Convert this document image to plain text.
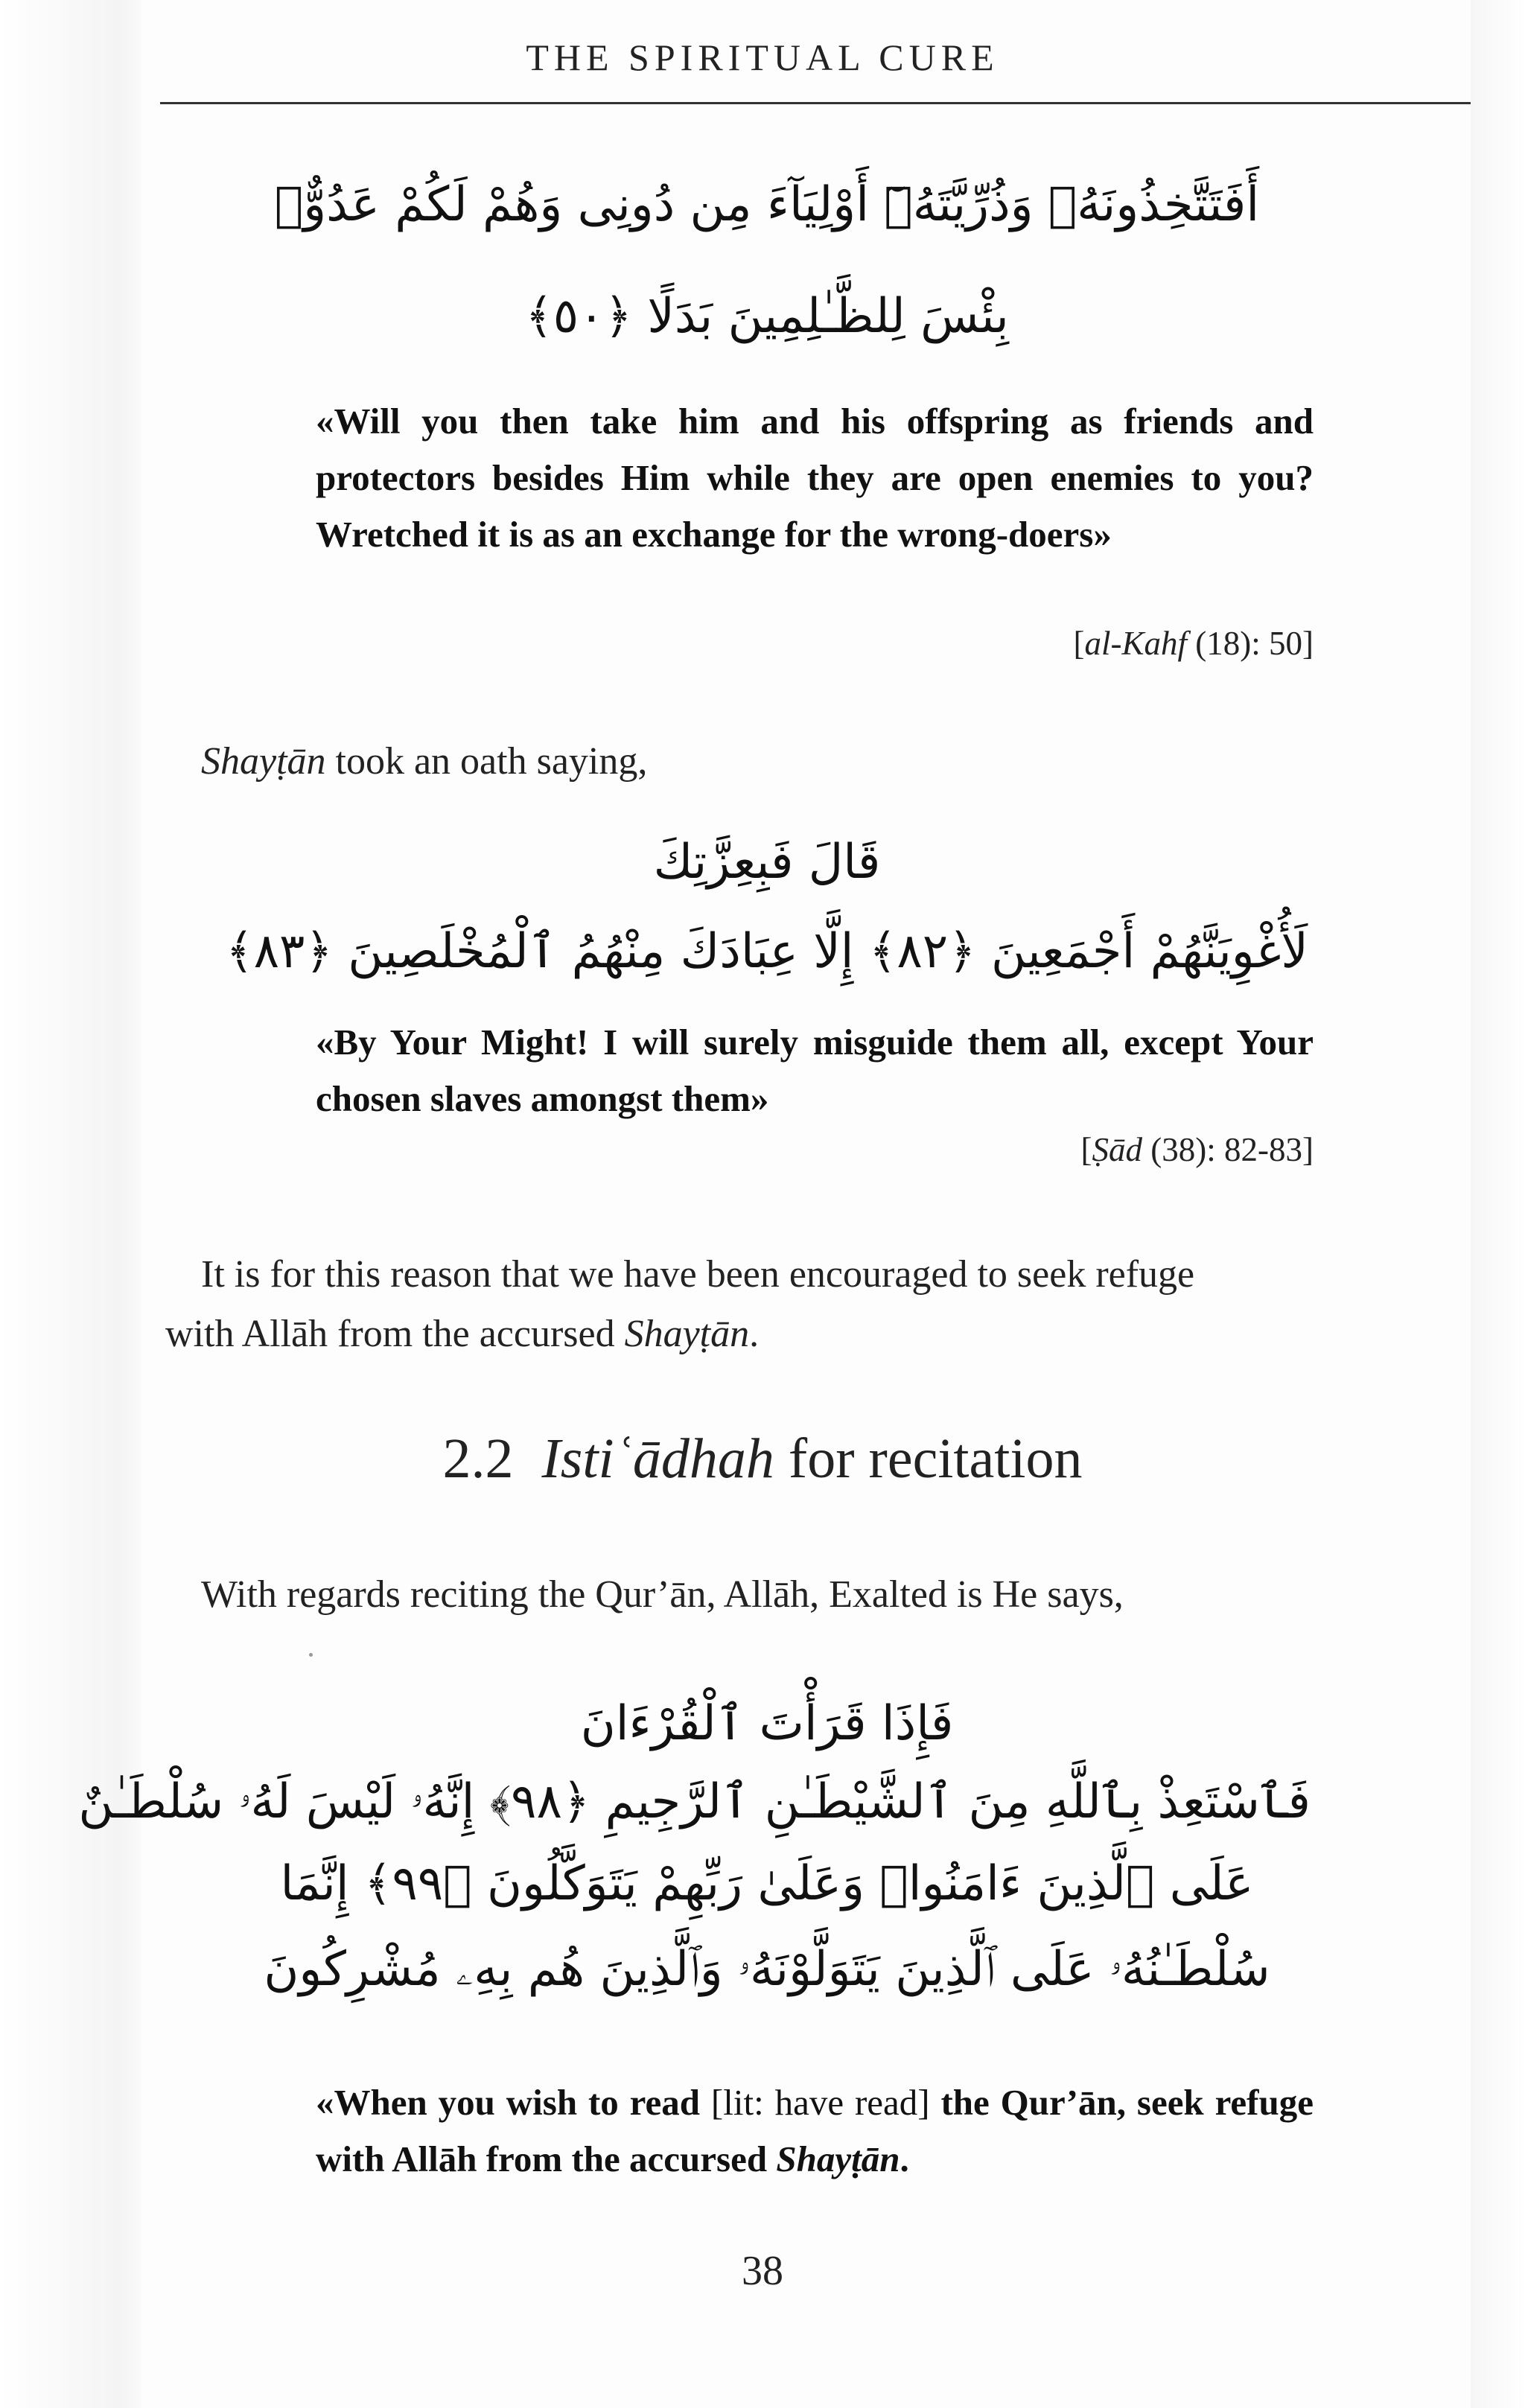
THE SPIRITUAL CURE
أَفَتَتَّخِذُونَهُۥ وَذُرِّيَّتَهُۥٓ أَوْلِيَآءَ مِن دُونِى وَهُمْ لَكُمْ عَدُوٌّۢ
بِئْسَ لِلظَّـٰلِمِينَ بَدَلًا ﴿٥٠﴾
«Will you then take him and his offspring as friends and protectors besides Him while they are open enemies to you? Wretched it is as an exchange for the wrong-doers»
[al-Kahf (18): 50]
Shayṭān took an oath saying,
قَالَ فَبِعِزَّتِكَ
لَأُغْوِيَنَّهُمْ أَجْمَعِينَ ﴿٨٢﴾ إِلَّا عِبَادَكَ مِنْهُمُ ٱلْمُخْلَصِينَ ﴿٨٣﴾
«By Your Might! I will surely misguide them all, except Your chosen slaves amongst them»
[Ṣād (38): 82-83]
It is for this reason that we have been encouraged to seek refuge
with Allāh from the accursed Shayṭān.
2.2 Istiʿādhah for recitation
With regards reciting the Qur’ān, Allāh, Exalted is He says,
فَإِذَا قَرَأْتَ ٱلْقُرْءَانَ
فَٱسْتَعِذْ بِٱللَّهِ مِنَ ٱلشَّيْطَـٰنِ ٱلرَّجِيمِ ﴿٩٨﴾ إِنَّهُۥ لَيْسَ لَهُۥ سُلْطَـٰنٌ
عَلَى ٱلَّذِينَ ءَامَنُوا۟ وَعَلَىٰ رَبِّهِمْ يَتَوَكَّلُونَ ﴿٩٩﴾ إِنَّمَا
سُلْطَـٰنُهُۥ عَلَى ٱلَّذِينَ يَتَوَلَّوْنَهُۥ وَٱلَّذِينَ هُم بِهِۦ مُشْرِكُونَ
«When you wish to read [lit: have read] the Qur’ān, seek refuge with Allāh from the accursed Shayṭān.
38
